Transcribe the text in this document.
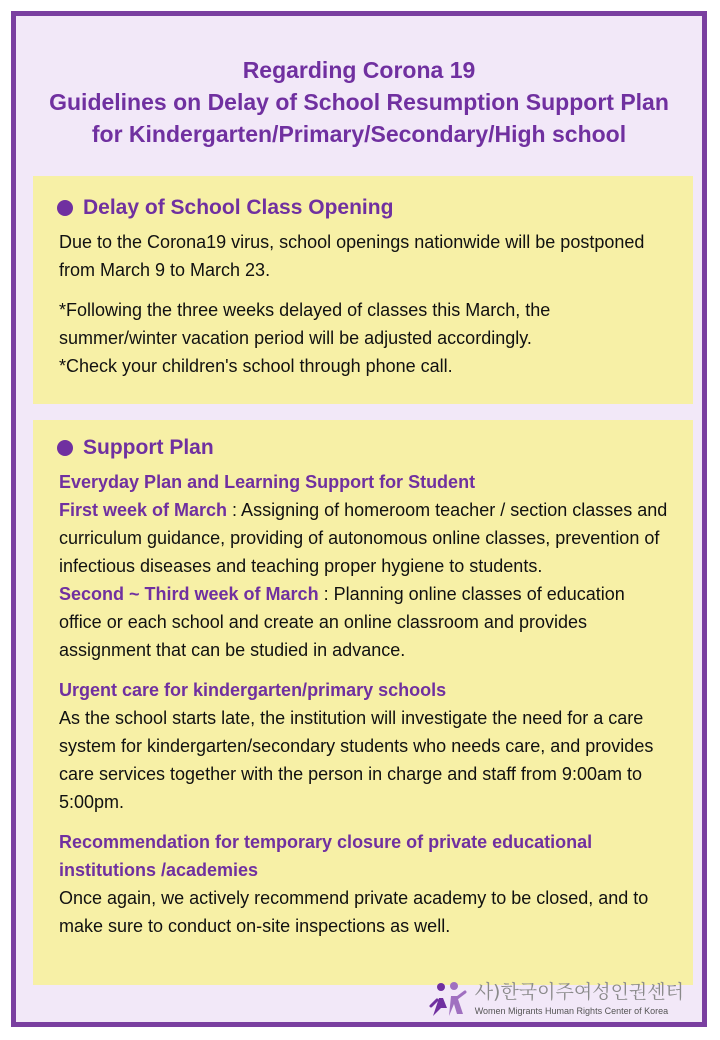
Regarding Corona 19
Guidelines on Delay of School Resumption Support Plan
for Kindergarten/Primary/Secondary/High school
Delay of School Class Opening

Due to the Corona19 virus, school openings nationwide will be postponed from March 9 to March 23.

*Following the three weeks delayed of classes this March, the summer/winter vacation period will be adjusted accordingly.

*Check your children's school through phone call.

Support Plan

Everyday Plan and Learning Support for Student

First week of March : Assigning of homeroom teacher / section classes and curriculum guidance, providing of autonomous online classes, prevention of infectious diseases and teaching proper hygiene to students.

Second ~ Third week of March : Planning online classes of education office or each school and create an online classroom and provides assignment that can be studied in advance.

Urgent care for kindergarten/primary schools

As the school starts late, the institution will investigate the need for a care system for kindergarten/secondary students who needs care, and provides care services together with the person in charge and staff from 9:00am to 5:00pm.

Recommendation for temporary closure of private educational institutions /academies

Once again, we actively recommend private academy to be closed, and to make sure to conduct on-site inspections as well.

사)한국이주여성인권센터
Women Migrants Human Rights Center of Korea
